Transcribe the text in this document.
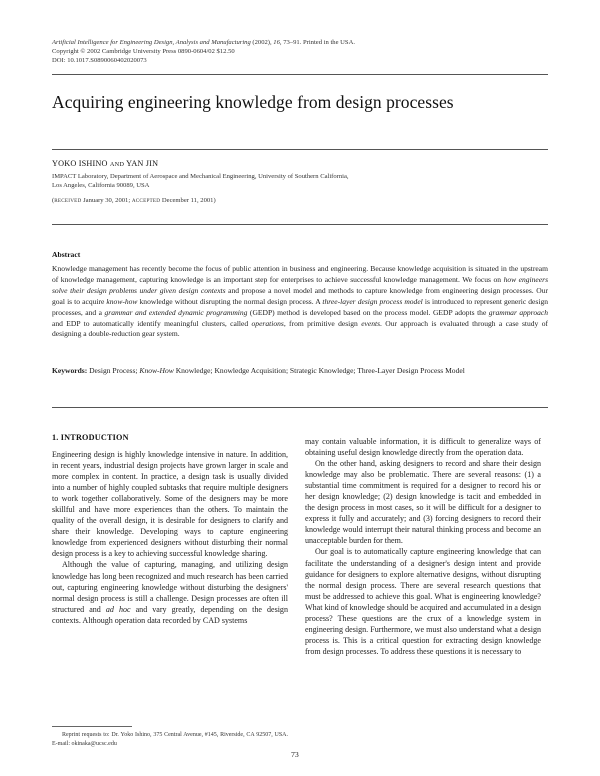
Artificial Intelligence for Engineering Design, Analysis and Manufacturing (2002), 16, 73–91. Printed in the USA.
Copyright © 2002 Cambridge University Press 0890-0604/02 $12.50
DOI: 10.1017.S0890060402020073
Acquiring engineering knowledge from design processes
YOKO ISHINO AND YAN JIN
IMPACT Laboratory, Department of Aerospace and Mechanical Engineering, University of Southern California,
Los Angeles, California 90089, USA
(RECEIVED January 30, 2001; ACCEPTED December 11, 2001)
Abstract
Knowledge management has recently become the focus of public attention in business and engineering. Because knowledge acquisition is situated in the upstream of knowledge management, capturing knowledge is an important step for enterprises to achieve successful knowledge management. We focus on how engineers solve their design problems under given design contexts and propose a novel model and methods to capture knowledge from engineering design processes. Our goal is to acquire know-how knowledge without disrupting the normal design process. A three-layer design process model is introduced to represent generic design processes, and a grammar and extended dynamic programming (GEDP) method is developed based on the process model. GEDP adopts the grammar approach and EDP to automatically identify meaningful clusters, called operations, from primitive design events. Our approach is evaluated through a case study of designing a double-reduction gear system.
Keywords: Design Process; Know-How Knowledge; Knowledge Acquisition; Strategic Knowledge; Three-Layer Design Process Model
1. INTRODUCTION

Engineering design is highly knowledge intensive in nature. In addition, in recent years, industrial design projects have grown larger in scale and more complex in content. In practice, a design task is usually divided into a number of highly coupled subtasks that require multiple designers to work together collaboratively. Some of the designers may be more skillful and have more experiences than the others. To maintain the quality of the overall design, it is desirable for designers to clarify and share their knowledge. Developing ways to capture engineering knowledge from experienced designers without disturbing their normal design process is a key to achieving successful knowledge sharing.

Although the value of capturing, managing, and utilizing design knowledge has long been recognized and much research has been carried out, capturing engineering knowledge without disturbing the designers' normal design process is still a challenge. Design processes are often ill structured and ad hoc and vary greatly, depending on the design contexts. Although operation data recorded by CAD systems

may contain valuable information, it is difficult to generalize ways of obtaining useful design knowledge directly from the operation data.

On the other hand, asking designers to record and share their design knowledge may also be problematic. There are several reasons: (1) a substantial time commitment is required for a designer to record his or her design knowledge; (2) design knowledge is tacit and embedded in the design process in most cases, so it will be difficult for a designer to express it fully and accurately; and (3) forcing designers to record their knowledge would interrupt their natural thinking process and become an unacceptable burden for them.

Our goal is to automatically capture engineering knowledge that can facilitate the understanding of a designer's design intent and provide guidance for designers to explore alternative designs, without disrupting the normal design process. There are several research questions that must be addressed to achieve this goal. What is engineering knowledge? What kind of knowledge should be acquired and accumulated in a design process? These questions are the crux of a knowledge system in engineering design. Furthermore, we must also understand what a design process is. This is a critical question for extracting design knowledge from design processes. To address these questions it is necessary to

Reprint requests to: Dr. Yoko Ishino, 375 Central Avenue, #145, Riverside, CA 92507, USA. E-mail: okinaka@ucsc.edu
73
